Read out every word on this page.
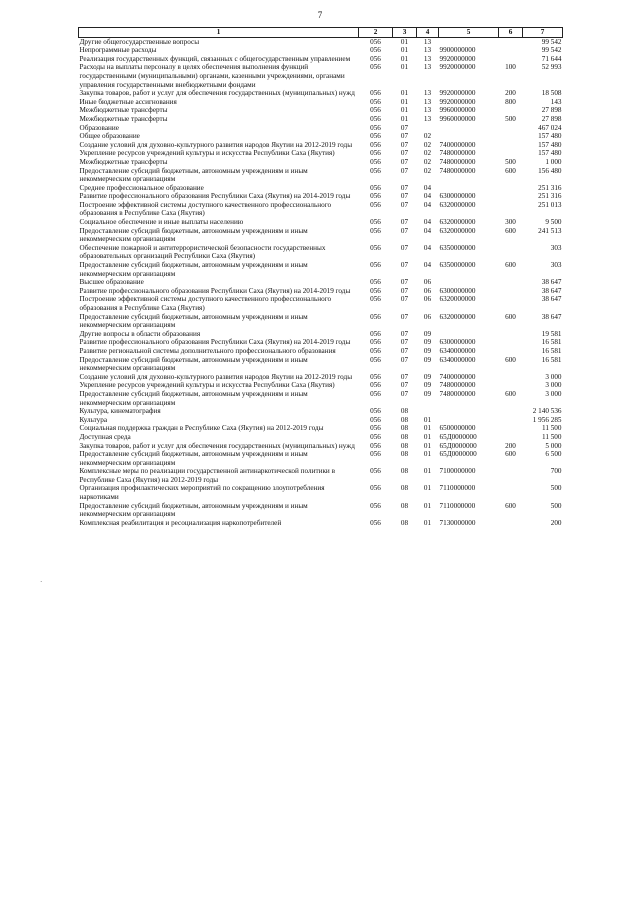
7
1	2	3	4	5	6	7
Другие общегосударственные вопросы	056	01	13			99 542
Непрограммные расходы	056	01	13	9900000000		99 542
Реализация государственных функций, связанных с общегосударственным управлением	056	01	13	9920000000		71 644
Расходы на выплаты персоналу в целях обеспечения выполнения функций государственными (муниципальными) органами, казенными учреждениями, органами управления государственными внебюджетными фондами	056	01	13	9920000000	100	52 993
Закупка товаров, работ и услуг для обеспечения государственных (муниципальных) нужд	056	01	13	9920000000	200	18 508
Иные бюджетные ассигнования	056	01	13	9920000000	800	143
Межбюджетные трансферты	056	01	13	9960000000		27 898
Межбюджетные трансферты	056	01	13	9960000000	500	27 898
Образование	056	07				467 024
Общее образование	056	07	02			157 480
Создание условий для духовно-культурного развития народов Якутии на 2012-2019 годы	056	07	02	7400000000		157 480
Укрепление ресурсов учреждений культуры и искусства Республики Саха (Якутия)	056	07	02	7480000000		157 480
Межбюджетные трансферты	056	07	02	7480000000	500	1 000
Предоставление субсидий бюджетным, автономным учреждениям и иным некоммерческим организациям	056	07	02	7480000000	600	156 480
Среднее профессиональное образование	056	07	04			251 316
Развитие профессионального образования Республики Саха (Якутия) на 2014-2019 годы	056	07	04	6300000000		251 316
Построение эффективной системы доступного качественного профессионального образования в Республике Саха (Якутия)	056	07	04	6320000000		251 013
Социальное обеспечение и иные выплаты населению	056	07	04	6320000000	300	9 500
Предоставление субсидий бюджетным, автономным учреждениям и иным некоммерческим организациям	056	07	04	6320000000	600	241 513
Обеспечение пожарной и антитеррористической безопасности государственных образовательных организаций Республики Саха (Якутия)	056	07	04	6350000000		303
Предоставление субсидий бюджетным, автономным учреждениям и иным некоммерческим организациям	056	07	04	6350000000	600	303
Высшее образование	056	07	06			38 647
Развитие профессионального образования Республики Саха (Якутия) на 2014-2019 годы	056	07	06	6300000000		38 647
Построение эффективной системы доступного качественного профессионального образования в Республике Саха (Якутия)	056	07	06	6320000000		38 647
Предоставление субсидий бюджетным, автономным учреждениям и иным некоммерческим организациям	056	07	06	6320000000	600	38 647
Другие вопросы в области образования	056	07	09			19 581
Развитие профессионального образования Республики Саха (Якутия) на 2014-2019 годы	056	07	09	6300000000		16 581
Развитие региональной системы дополнительного профессионального образования	056	07	09	6340000000		16 581
Предоставление субсидий бюджетным, автономным учреждениям и иным некоммерческим организациям	056	07	09	6340000000	600	16 581
Создание условий для духовно-культурного развития народов Якутии на 2012-2019 годы	056	07	09	7400000000		3 000
Укрепление ресурсов учреждений культуры и искусства Республики Саха (Якутия)	056	07	09	7480000000		3 000
Предоставление субсидий бюджетным, автономным учреждениям и иным некоммерческим организациям	056	07	09	7480000000	600	3 000
Культура, кинематография	056	08				2 140 536
Культура	056	08	01			1 956 285
Социальная поддержка граждан в Республике Саха (Якутия) на 2012-2019 годы	056	08	01	6500000000		11 500
Доступная среда	056	08	01	65Д0000000		11 500
Закупка товаров, работ и услуг для обеспечения государственных (муниципальных) нужд	056	08	01	65Д0000000	200	5 000
Предоставление субсидий бюджетным, автономным учреждениям и иным некоммерческим организациям	056	08	01	65Д0000000	600	6 500
Комплексные меры по реализации государственной антинаркотической политики в Республике Саха (Якутия) на 2012-2019 годы	056	08	01	7100000000		700
Организация профилактических мероприятий по сокращению злоупотребления наркотиками	056	08	01	7110000000		500
Предоставление субсидий бюджетным, автономным учреждениям и иным некоммерческим организациям	056	08	01	7110000000	600	500
Комплексная реабилитация и ресоциализация наркопотребителей	056	08	01	7130000000		200
·
